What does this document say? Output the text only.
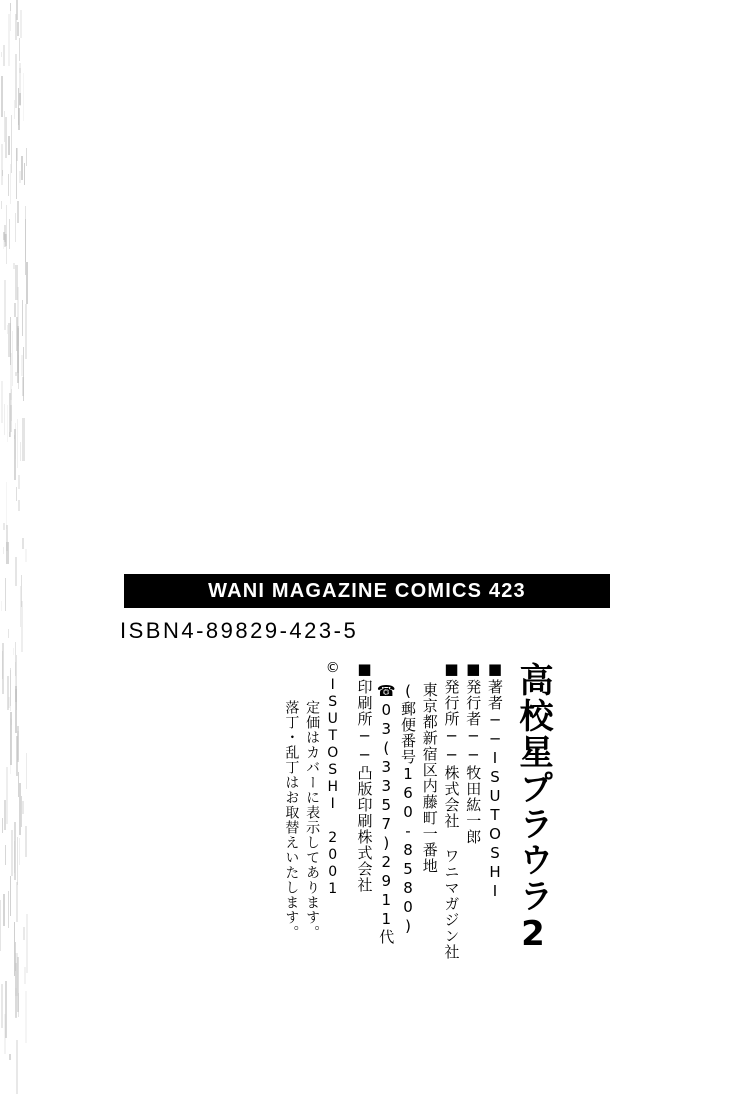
WANI MAGAZINE COMICS 423
ISBN4-89829-423-5
高校星プラウラ2
■著者──ISUTOSHI
■発行者──牧田紘一郎
■発行所──株式会社 ワニマガジン社
東京都新宿区内藤町一番地
(郵便番号160-8580)
☎03(3357)2911代
■印刷所──凸版印刷株式会社
©ISUTOSHI 2001
定価はカバーに表示してあります。
落丁・乱丁はお取替えいたします。
